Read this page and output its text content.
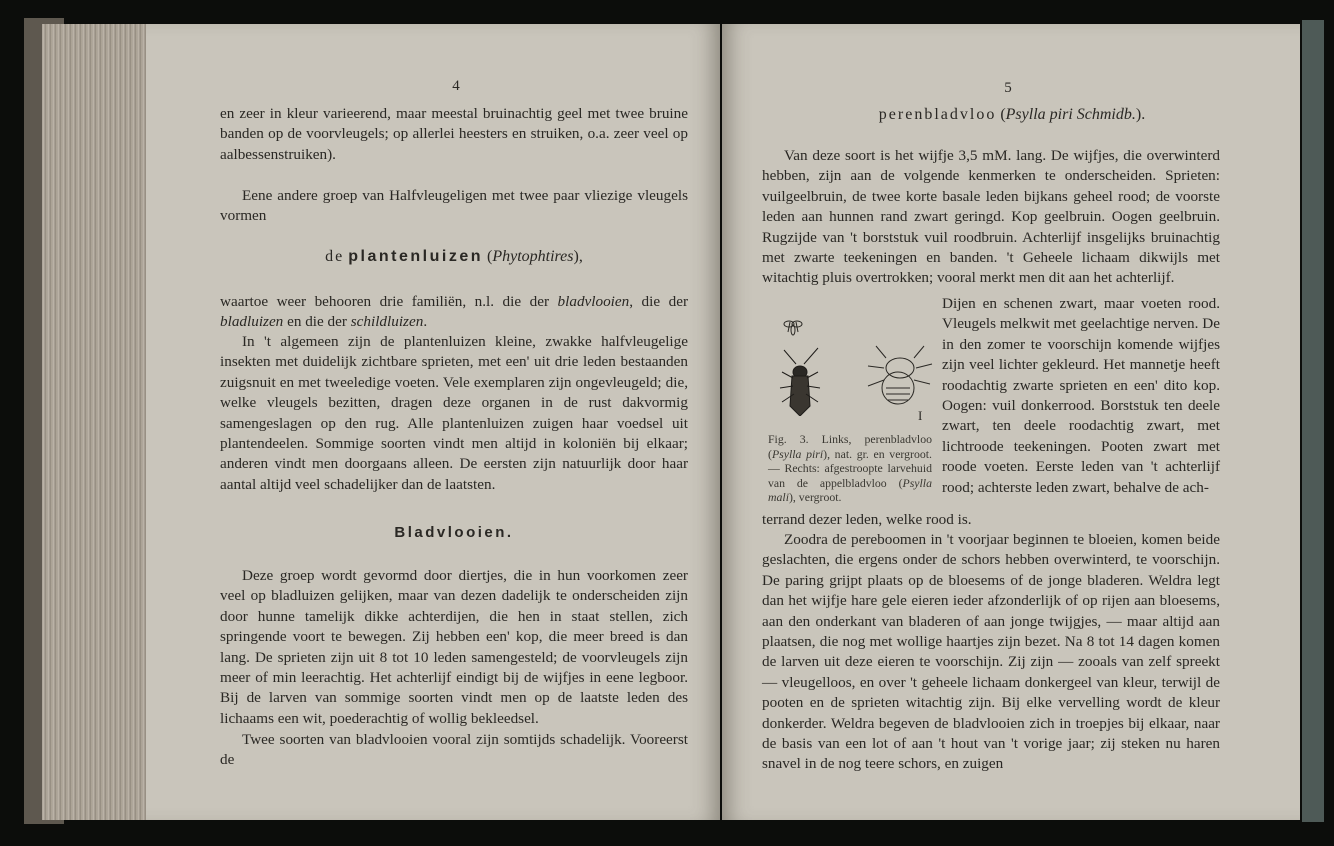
4

en zeer in kleur varieerend, maar meestal bruinachtig geel met twee bruine banden op de voorvleugels; op allerlei heesters en struiken, o.a. zeer veel op aalbessenstruiken).

Eene andere groep van Halfvleugeligen met twee paar vliezige vleugels vormen

de plantenluizen (Phytophtires),

waartoe weer behooren drie familiën, n.l. die der bladvlooien, die der bladluizen en die der schildluizen.

In 't algemeen zijn de plantenluizen kleine, zwakke halfvleugelige insekten met duidelijk zichtbare sprieten, met een' uit drie leden bestaanden zuigsnuit en met tweeledige voeten. Vele exemplaren zijn ongevleugeld; die, welke vleugels bezitten, dragen deze organen in de rust dakvormig samengeslagen op den rug. Alle plantenluizen zuigen haar voedsel uit plantendeelen. Sommige soorten vindt men altijd in koloniën bij elkaar; anderen vindt men doorgaans alleen. De eersten zijn natuurlijk door haar aantal altijd veel schadelijker dan de laatsten.

Bladvlooien.

Deze groep wordt gevormd door diertjes, die in hun voorkomen zeer veel op bladluizen gelijken, maar van dezen dadelijk te onderscheiden zijn door hunne tamelijk dikke achterdijen, die hen in staat stellen, zich springende voort te bewegen. Zij hebben een' kop, die meer breed is dan lang. De sprieten zijn uit 8 tot 10 leden samengesteld; de voorvleugels zijn meer of min leerachtig. Het achterlijf eindigt bij de wijfjes in eene legboor. Bij de larven van sommige soorten vindt men op de laatste leden des lichaams een wit, poederachtig of wollig bekleedsel.

Twee soorten van bladvlooien vooral zijn somtijds schadelijk. Vooreerst de

5
perenbladvloo (Psylla piri Schmidb.).

Van deze soort is het wijfje 3,5 mM. lang. De wijfjes, die overwinterd hebben, zijn aan de volgende kenmerken te onderscheiden. Sprieten: vuilgeelbruin, de twee korte basale leden bijkans geheel rood; de voorste leden aan hunnen rand zwart geringd. Kop geelbruin. Oogen geelbruin. Rugzijde van 't borststuk vuil roodbruin. Achterlijf insgelijks bruinachtig met zwarte teekeningen en banden. 't Geheele lichaam dikwijls met witachtig pluis overtrokken; vooral merkt men dit aan het achterlijf.

Dijen en schenen zwart, maar voeten rood. Vleugels melkwit met geelachtige nerven. De in den zomer te voorschijn komende wijfjes zijn veel lichter gekleurd. Het mannetje heeft roodachtig zwarte sprieten en een' dito kop. Oogen: vuil donkerrood. Borststuk ten deele zwart, ten deele roodachtig zwart, met lichtroode teekeningen. Pooten zwart met roode voeten. Eerste leden van 't achterlijf rood; achterste leden zwart, behalve de ach-

I
Fig. 3. Links, perenbladvloo (Psylla piri), nat. gr. en vergroot. — Rechts: afgestroopte larvehuid van de appelbladvloo (Psylla mali), vergroot.

terrand dezer leden, welke rood is.

Zoodra de pereboomen in 't voorjaar beginnen te bloeien, komen beide geslachten, die ergens onder de schors hebben overwinterd, te voorschijn. De paring grijpt plaats op de bloesems of de jonge bladeren. Weldra legt dan het wijfje hare gele eieren ieder afzonderlijk of op rijen aan bloesems, aan den onderkant van bladeren of aan jonge twijgjes, — maar altijd aan plaatsen, die nog met wollige haartjes zijn bezet. Na 8 tot 14 dagen komen de larven uit deze eieren te voorschijn. Zij zijn — zooals van zelf spreekt — vleugelloos, en over 't geheele lichaam donkergeel van kleur, terwijl de pooten en de sprieten witachtig zijn. Bij elke vervelling wordt de kleur donkerder. Weldra begeven de bladvlooien zich in troepjes bij elkaar, naar de basis van een lot of aan 't hout van 't vorige jaar; zij steken nu haren snavel in de nog teere schors, en zuigen
